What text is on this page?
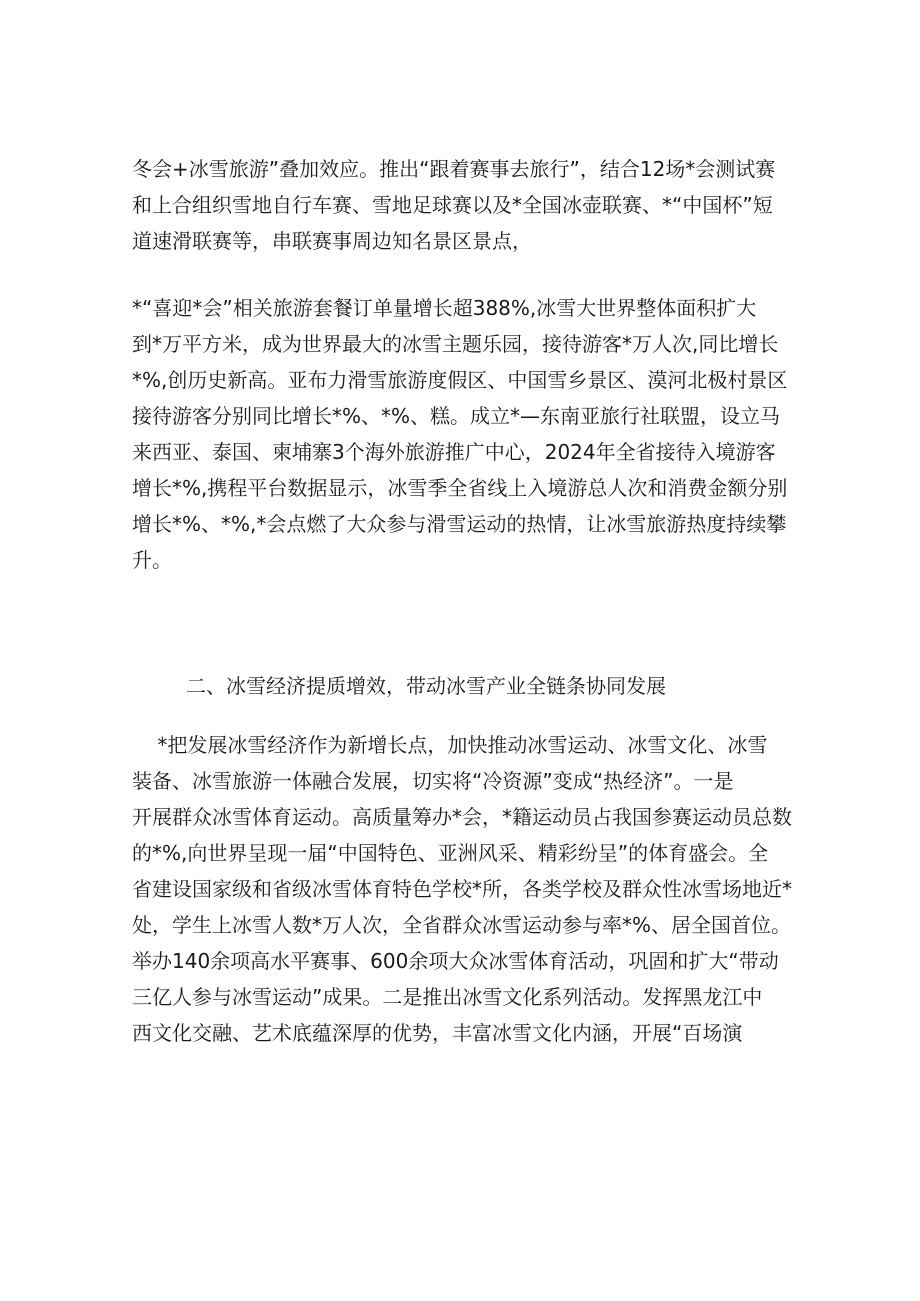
冬会+冰雪旅游”叠加效应。推出“跟着赛事去旅行”，结合12场*会测试赛
和上合组织雪地自行车赛、雪地足球赛以及*全国冰壶联赛、*“中国杯”短
道速滑联赛等，串联赛事周边知名景区景点，
*“喜迎*会”相关旅游套餐订单量增长超388%,冰雪大世界整体面积扩大
到*万平方米，成为世界最大的冰雪主题乐园，接待游客*万人次,同比增长
*%,创历史新高。亚布力滑雪旅游度假区、中国雪乡景区、漠河北极村景区
接待游客分别同比增长*%、*%、糕。成立*—东南亚旅行社联盟，设立马
来西亚、泰国、柬埔寨3个海外旅游推广中心，2024年全省接待入境游客
增长*%,携程平台数据显示，冰雪季全省线上入境游总人次和消费金额分别
增长*%、*%,*会点燃了大众参与滑雪运动的热情，让冰雪旅游热度持续攀
升。
二、冰雪经济提质增效，带动冰雪产业全链条协同发展
*把发展冰雪经济作为新增长点，加快推动冰雪运动、冰雪文化、冰雪
装备、冰雪旅游一体融合发展，切实将“冷资源”变成“热经济”。一是
开展群众冰雪体育运动。高质量筹办*会，*籍运动员占我国参赛运动员总数
的*%,向世界呈现一届“中国特色、亚洲风采、精彩纷呈”的体育盛会。全
省建设国家级和省级冰雪体育特色学校*所，各类学校及群众性冰雪场地近*
处，学生上冰雪人数*万人次，全省群众冰雪运动参与率*%、居全国首位。
举办140余项高水平赛事、600余项大众冰雪体育活动，巩固和扩大“带动
三亿人参与冰雪运动”成果。二是推出冰雪文化系列活动。发挥黑龙江中
西文化交融、艺术底蕴深厚的优势，丰富冰雪文化内涵，开展“百场演
